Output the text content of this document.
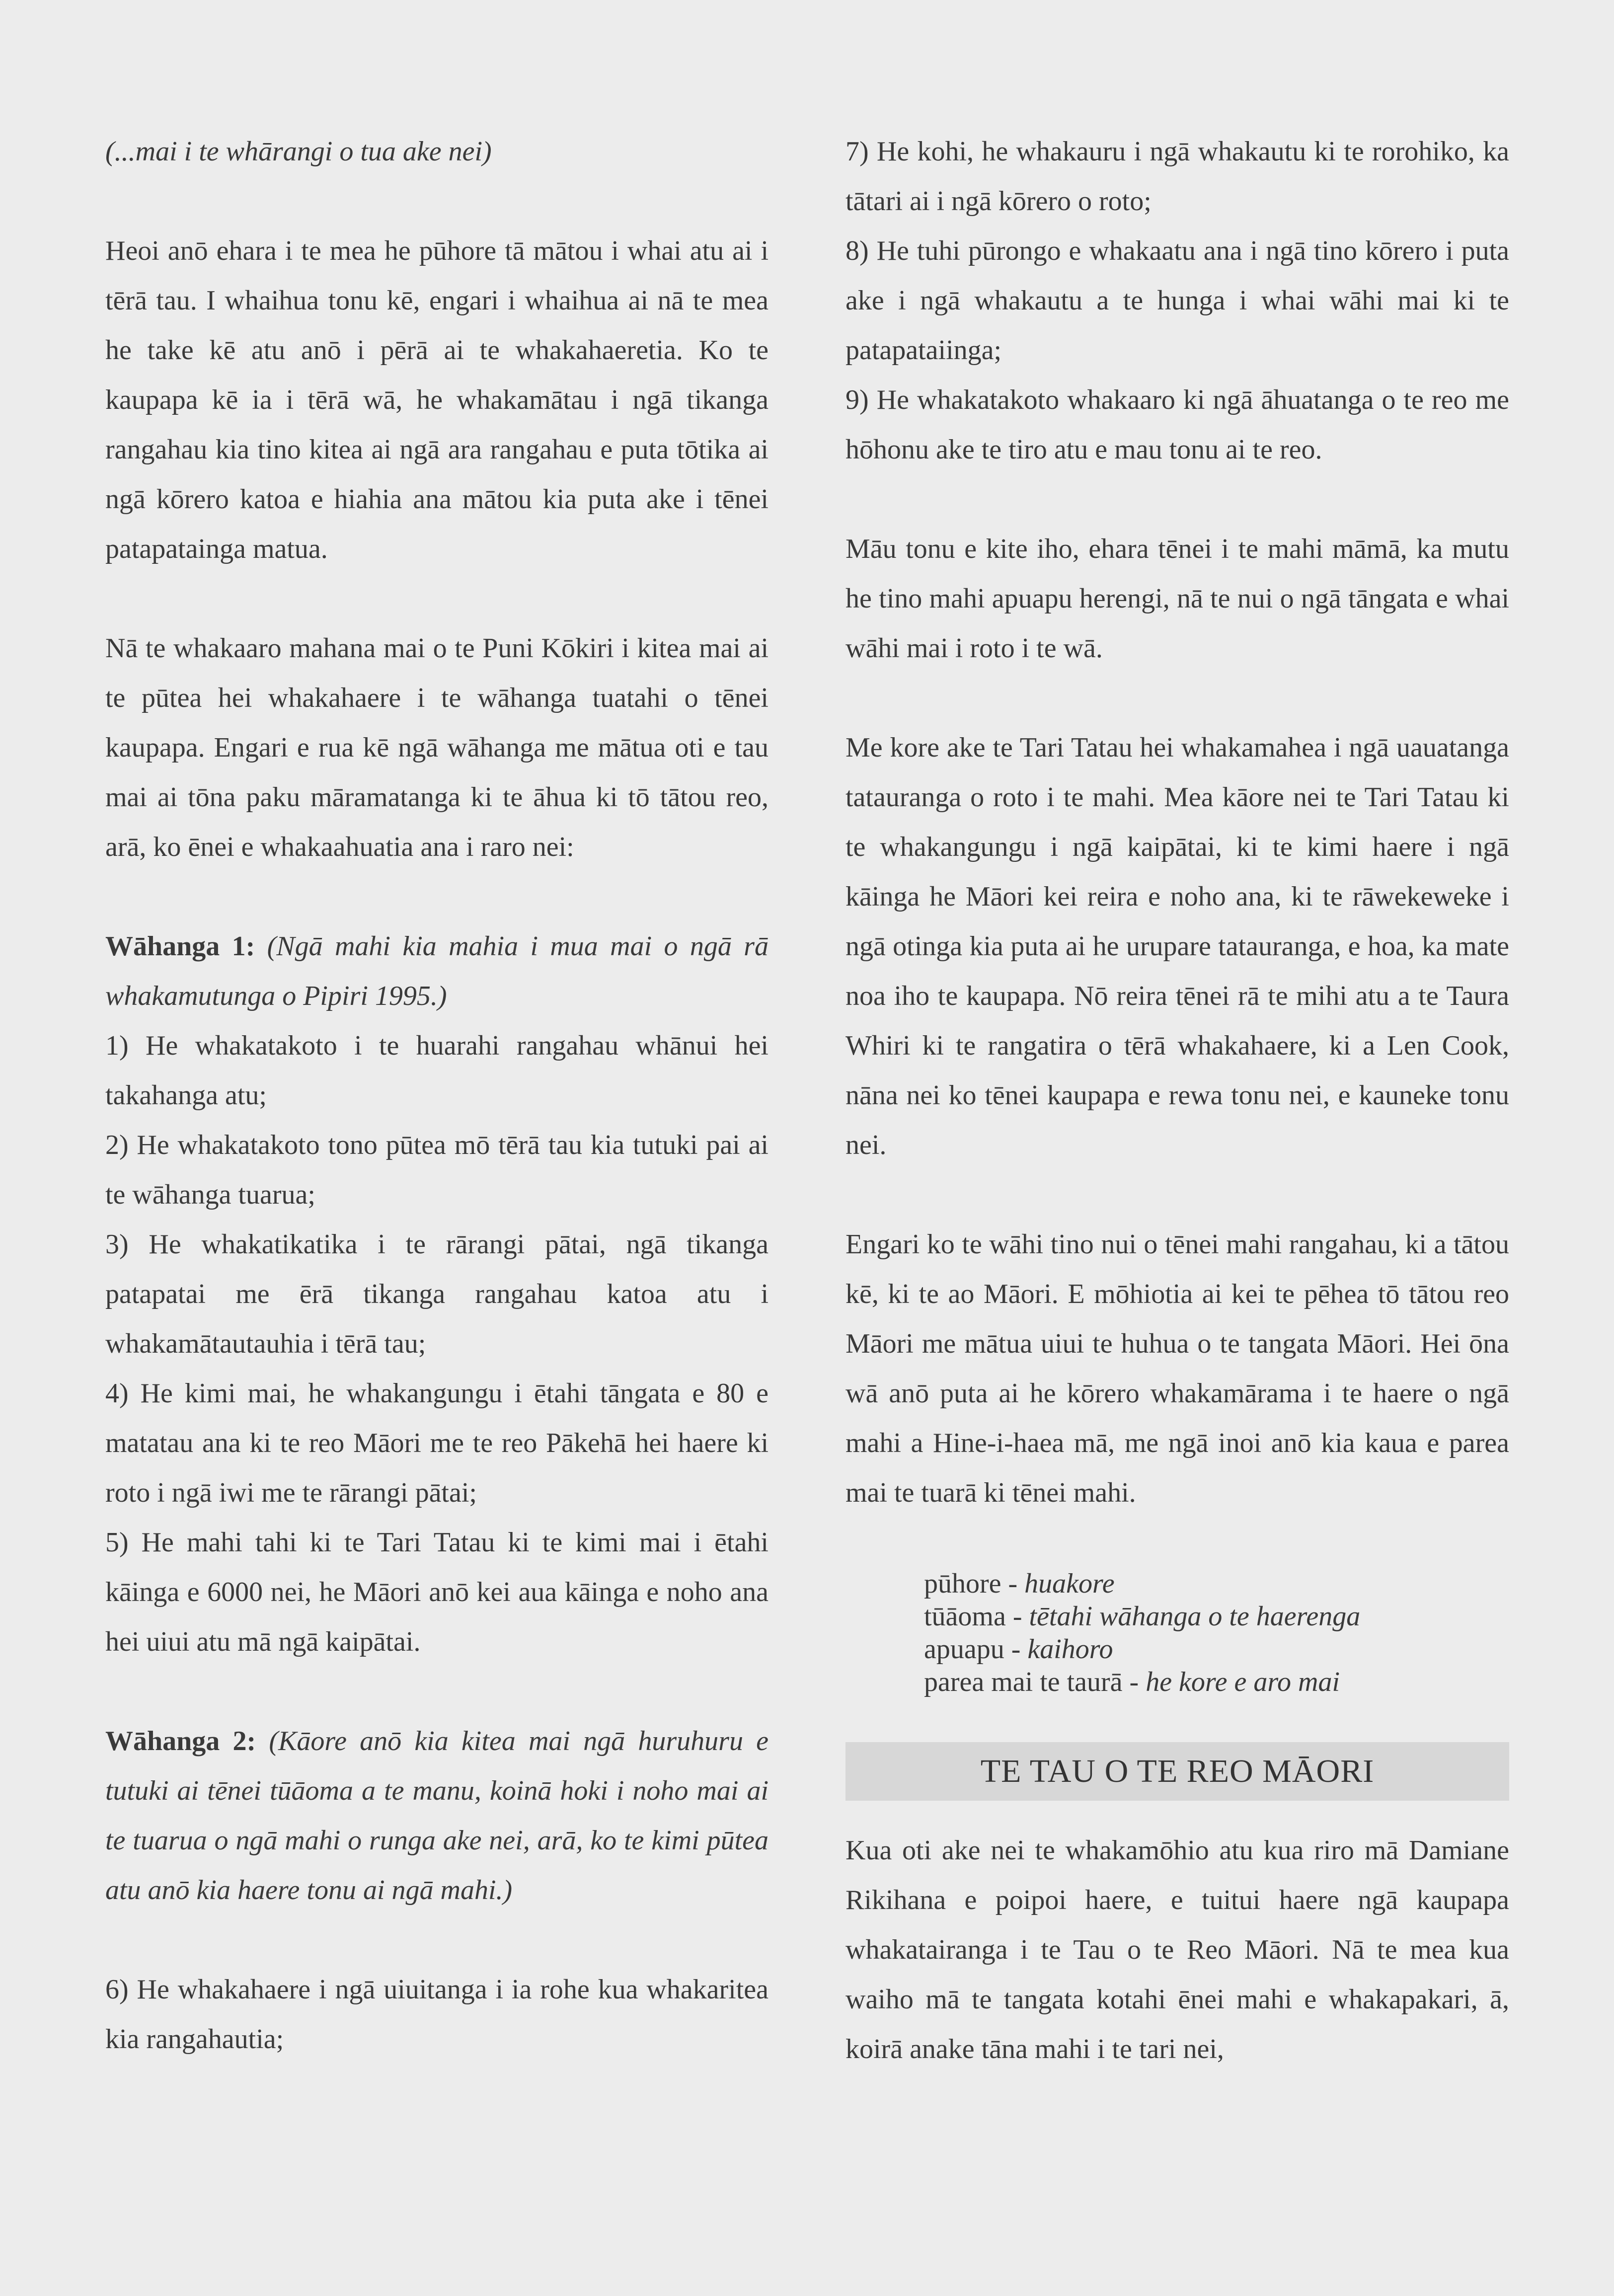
(...mai i te whārangi o tua ake nei)

Heoi anō ehara i te mea he pūhore tā mātou i whai atu ai i tērā tau. I whaihua tonu kē, engari i whaihua ai nā te mea he take kē atu anō i pērā ai te whakahaeretia. Ko te kaupapa kē ia i tērā wā, he whakamātau i ngā tikanga rangahau kia tino kitea ai ngā ara rangahau e puta tōtika ai ngā kōrero katoa e hiahia ana mātou kia puta ake i tēnei patapatainga matua.

Nā te whakaaro mahana mai o te Puni Kōkiri i kitea mai ai te pūtea hei whakahaere i te wāhanga tuatahi o tēnei kaupapa. Engari e rua kē ngā wāhanga me mātua oti e tau mai ai tōna paku māramatanga ki te āhua ki tō tātou reo, arā, ko ēnei e whakaahuatia ana i raro nei:

Wāhanga 1: (Ngā mahi kia mahia i mua mai o ngā rā whakamutunga o Pipiri 1995.)

1) He whakatakoto i te huarahi rangahau whānui hei takahanga atu;

2) He whakatakoto tono pūtea mō tērā tau kia tutuki pai ai te wāhanga tuarua;

3) He whakatikatika i te rārangi pātai, ngā tikanga patapatai me ērā tikanga rangahau katoa atu i whakamātautauhia i tērā tau;

4) He kimi mai, he whakangungu i ētahi tāngata e 80 e matatau ana ki te reo Māori me te reo Pākehā hei haere ki roto i ngā iwi me te rārangi pātai;

5) He mahi tahi ki te Tari Tatau ki te kimi mai i ētahi kāinga e 6000 nei, he Māori anō kei aua kāinga e noho ana hei uiui atu mā ngā kaipātai.

Wāhanga 2: (Kāore anō kia kitea mai ngā huruhuru e tutuki ai tēnei tūāoma a te manu, koinā hoki i noho mai ai te tuarua o ngā mahi o runga ake nei, arā, ko te kimi pūtea atu anō kia haere tonu ai ngā mahi.)

6) He whakahaere i ngā uiuitanga i ia rohe kua whakaritea kia rangahautia;

7) He kohi, he whakauru i ngā whakautu ki te rorohiko, ka tātari ai i ngā kōrero o roto;

8) He tuhi pūrongo e whakaatu ana i ngā tino kōrero i puta ake i ngā whakautu a te hunga i whai wāhi mai ki te patapataiinga;

9) He whakatakoto whakaaro ki ngā āhuatanga o te reo me hōhonu ake te tiro atu e mau tonu ai te reo.

Māu tonu e kite iho, ehara tēnei i te mahi māmā, ka mutu he tino mahi apuapu herengi, nā te nui o ngā tāngata e whai wāhi mai i roto i te wā.

Me kore ake te Tari Tatau hei whakamahea i ngā uauatanga tatauranga o roto i te mahi. Mea kāore nei te Tari Tatau ki te whakangungu i ngā kaipātai, ki te kimi haere i ngā kāinga he Māori kei reira e noho ana, ki te rāwekeweke i ngā otinga kia puta ai he urupare tatauranga, e hoa, ka mate noa iho te kaupapa. Nō reira tēnei rā te mihi atu a te Taura Whiri ki te rangatira o tērā whakahaere, ki a Len Cook, nāna nei ko tēnei kaupapa e rewa tonu nei, e kauneke tonu nei.

Engari ko te wāhi tino nui o tēnei mahi rangahau, ki a tātou kē, ki te ao Māori. E mōhiotia ai kei te pēhea tō tātou reo Māori me mātua uiui te huhua o te tangata Māori. Hei ōna wā anō puta ai he kōrero whakamārama i te haere o ngā mahi a Hine-i-haea mā, me ngā inoi anō kia kaua e parea mai te tuarā ki tēnei mahi.

pūhore - huakore
tūāoma - tētahi wāhanga o te haerenga
apuapu - kaihoro
parea mai te taurā - he kore e aro mai
TE TAU O TE REO MĀORI

Kua oti ake nei te whakamōhio atu kua riro mā Damiane Rikihana e poipoi haere, e tuitui haere ngā kaupapa whakatairanga i te Tau o te Reo Māori. Nā te mea kua waiho mā te tangata kotahi ēnei mahi e whakapakari, ā, koirā anake tāna mahi i te tari nei,
